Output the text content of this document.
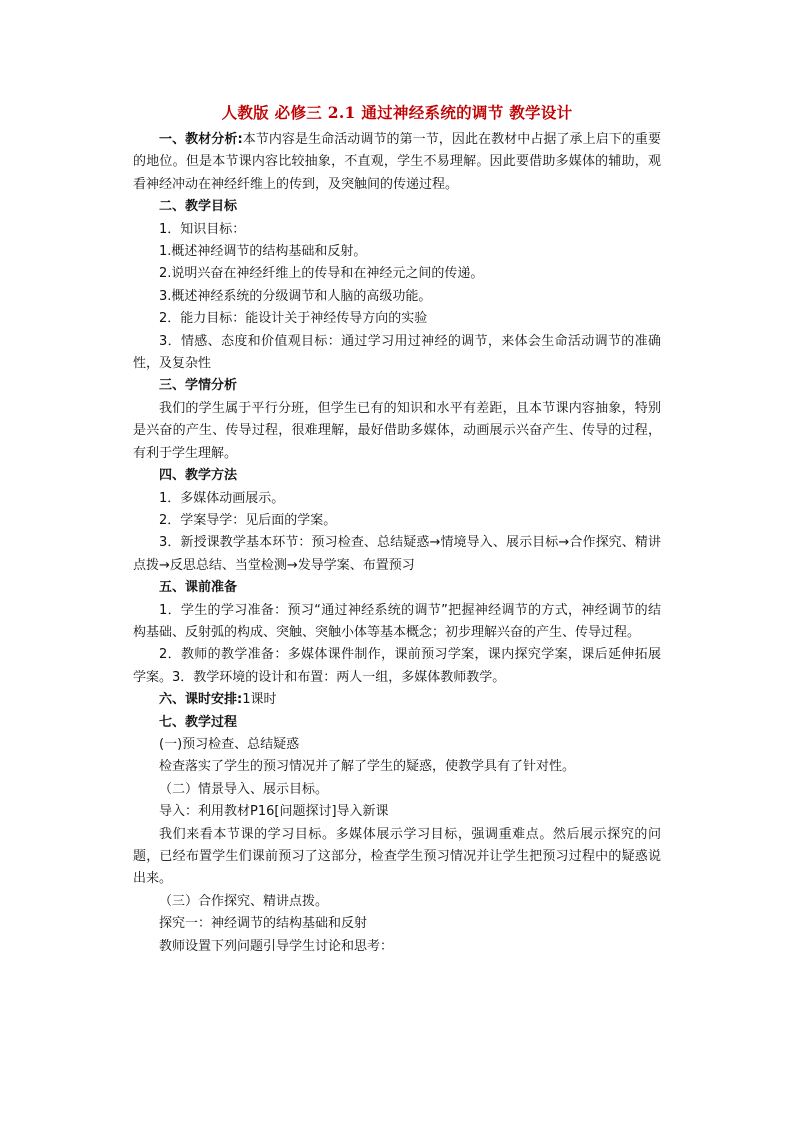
人教版 必修三 2.1 通过神经系统的调节 教学设计

一、教材分析:本节内容是生命活动调节的第一节，因此在教材中占据了承上启下的重要的地位。但是本节课内容比较抽象，不直观，学生不易理解。因此要借助多媒体的辅助，观看神经冲动在神经纤维上的传到，及突触间的传递过程。

二、教学目标

1．知识目标：

1.概述神经调节的结构基础和反射。

2.说明兴奋在神经纤维上的传导和在神经元之间的传递。

3.概述神经系统的分级调节和人脑的高级功能。

2．能力目标：能设计关于神经传导方向的实验

3．情感、态度和价值观目标：通过学习用过神经的调节，来体会生命活动调节的准确性，及复杂性

三、学情分析

我们的学生属于平行分班，但学生已有的知识和水平有差距，且本节课内容抽象，特别是兴奋的产生、传导过程，很难理解，最好借助多媒体，动画展示兴奋产生、传导的过程，有利于学生理解。

四、教学方法

1．多媒体动画展示。

2．学案导学：见后面的学案。

3．新授课教学基本环节：预习检查、总结疑惑→情境导入、展示目标→合作探究、精讲点拨→反思总结、当堂检测→发导学案、布置预习

五、课前准备

1．学生的学习准备：预习“通过神经系统的调节”把握神经调节的方式，神经调节的结构基础、反射弧的构成、突触、突触小体等基本概念；初步理解兴奋的产生、传导过程。

2．教师的教学准备：多媒体课件制作，课前预习学案，课内探究学案，课后延伸拓展学案。3．教学环境的设计和布置：两人一组，多媒体教师教学。

六、课时安排:1课时

七、教学过程

(一)预习检查、总结疑惑

检查落实了学生的预习情况并了解了学生的疑惑，使教学具有了针对性。

（二）情景导入、展示目标。

导入：利用教材P16[问题探讨]导入新课

我们来看本节课的学习目标。多媒体展示学习目标，强调重难点。然后展示探究的问题，已经布置学生们课前预习了这部分，检查学生预习情况并让学生把预习过程中的疑惑说出来。

（三）合作探究、精讲点拨。

探究一：神经调节的结构基础和反射

教师设置下列问题引导学生讨论和思考：
